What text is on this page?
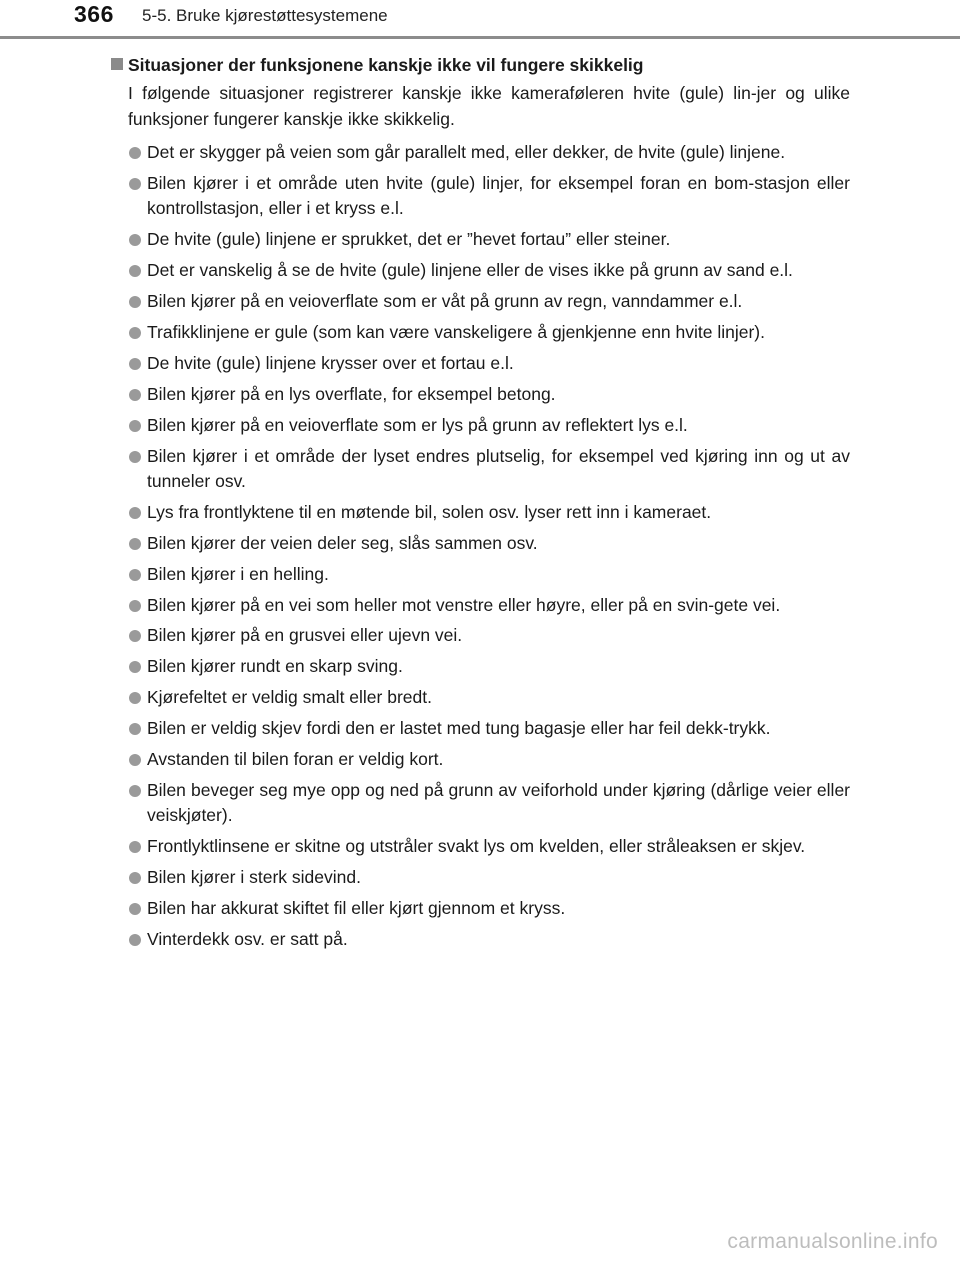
366 5-5. Bruke kjørestøttesystemene
Situasjoner der funksjonene kanskje ikke vil fungere skikkelig

I følgende situasjoner registrerer kanskje ikke kameraføleren hvite (gule) lin-jer og ulike funksjoner fungerer kanskje ikke skikkelig.

Det er skygger på veien som går parallelt med, eller dekker, de hvite (gule) linjene.
Bilen kjører i et område uten hvite (gule) linjer, for eksempel foran en bom-stasjon eller kontrollstasjon, eller i et kryss e.l.
De hvite (gule) linjene er sprukket, det er ”hevet fortau” eller steiner.
Det er vanskelig å se de hvite (gule) linjene eller de vises ikke på grunn av sand e.l.
Bilen kjører på en veioverflate som er våt på grunn av regn, vanndammer e.l.
Trafikklinjene er gule (som kan være vanskeligere å gjenkjenne enn hvite linjer).
De hvite (gule) linjene krysser over et fortau e.l.
Bilen kjører på en lys overflate, for eksempel betong.
Bilen kjører på en veioverflate som er lys på grunn av reflektert lys e.l.
Bilen kjører i et område der lyset endres plutselig, for eksempel ved kjøring inn og ut av tunneler osv.
Lys fra frontlyktene til en møtende bil, solen osv. lyser rett inn i kameraet.
Bilen kjører der veien deler seg, slås sammen osv.
Bilen kjører i en helling.
Bilen kjører på en vei som heller mot venstre eller høyre, eller på en svin-gete vei.
Bilen kjører på en grusvei eller ujevn vei.
Bilen kjører rundt en skarp sving.
Kjørefeltet er veldig smalt eller bredt.
Bilen er veldig skjev fordi den er lastet med tung bagasje eller har feil dekk-trykk.
Avstanden til bilen foran er veldig kort.
Bilen beveger seg mye opp og ned på grunn av veiforhold under kjøring (dårlige veier eller veiskjøter).
Frontlyktlinsene er skitne og utstråler svakt lys om kvelden, eller stråleaksen er skjev.
Bilen kjører i sterk sidevind.
Bilen har akkurat skiftet fil eller kjørt gjennom et kryss.
Vinterdekk osv. er satt på.
carmanualsonline.info
